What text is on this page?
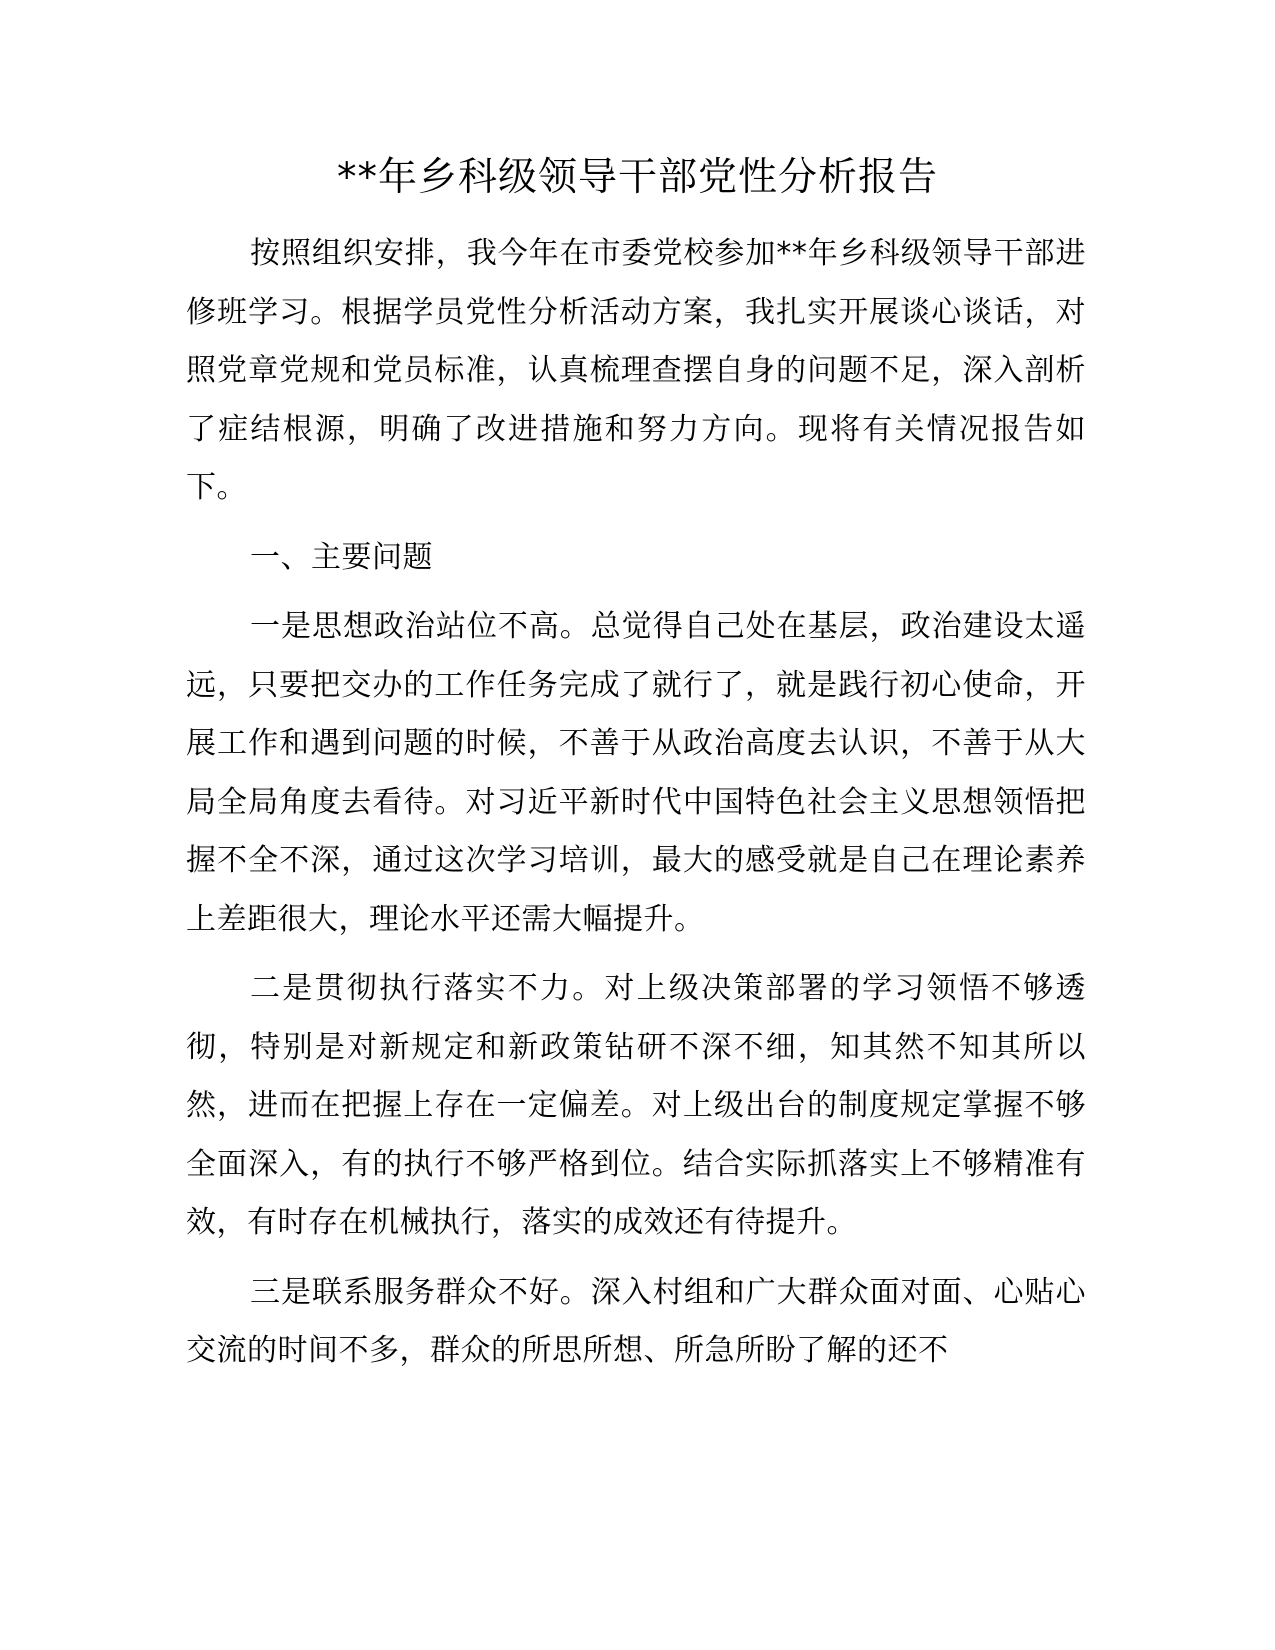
**年乡科级领导干部党性分析报告

按照组织安排，我今年在市委党校参加**年乡科级领导干部进修班学习。根据学员党性分析活动方案，我扎实开展谈心谈话，对照党章党规和党员标准，认真梳理查摆自身的问题不足，深入剖析了症结根源，明确了改进措施和努力方向。现将有关情况报告如下。

一、主要问题

一是思想政治站位不高。总觉得自己处在基层，政治建设太遥远，只要把交办的工作任务完成了就行了，就是践行初心使命，开展工作和遇到问题的时候，不善于从政治高度去认识，不善于从大局全局角度去看待。对习近平新时代中国特色社会主义思想领悟把握不全不深，通过这次学习培训，最大的感受就是自己在理论素养上差距很大，理论水平还需大幅提升。

二是贯彻执行落实不力。对上级决策部署的学习领悟不够透彻，特别是对新规定和新政策钻研不深不细，知其然不知其所以然，进而在把握上存在一定偏差。对上级出台的制度规定掌握不够全面深入，有的执行不够严格到位。结合实际抓落实上不够精准有效，有时存在机械执行，落实的成效还有待提升。

三是联系服务群众不好。深入村组和广大群众面对面、心贴心交流的时间不多，群众的所思所想、所急所盼了解的还不
